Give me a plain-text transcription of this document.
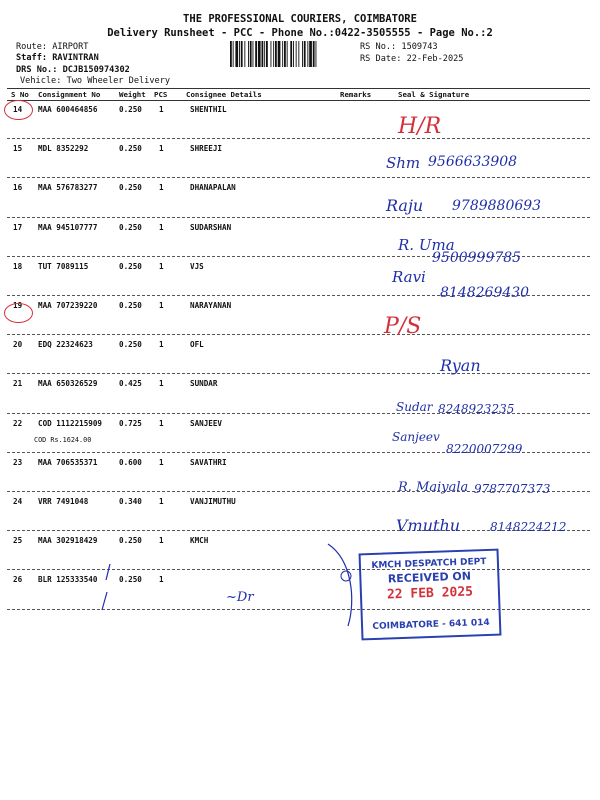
THE PROFESSIONAL COURIERS, COIMBATORE
Delivery Runsheet - PCC - Phone No.:0422-3505555 - Page No.:2
Route: AIRPORT
Staff: RAVINTRAN
DRS No.: DCJB150974302
Vehicle: Two Wheeler Delivery
RS No.: 1509743
RS Date: 22-Feb-2025
S No Consignment No	Weight PCS	Consignee Details	Remarks	Seal & Signature
14 MAA 600464856	0.250 1	SHENTHIL
15 MDL 8352292	0.250 1	SHREEJI
16 MAA 576783277	0.250 1	DHANAPALAN
17 MAA 945107777	0.250 1	SUDARSHAN
18 TUT 7089115	0.250 1	VJS
19 MAA 707239220	0.250 1	NARAYANAN
20 EDQ 22324623	0.250 1	OFL
21 MAA 650326529	0.425 1	SUNDAR
22 COD 1112215909 0.725 1	SANJEEV
COD Rs.1624.00
23 MAA 706535371	0.600 1	SAVATHRI
24 VRR 7491048	0.340 1	VANJIMUTHU
25 MAA 302918429	0.250 1	KMCH
26 BLR 125333540	0.250 1
H/R
Shm 9566633908
Raju 9789880693
R. Uma
9500999785
Ravi
8148269430
P/S
Ryan
Sudar 8248923235
Sanjeev
8220007299
R. Maiyala 9787707373
Vmuthu 8148224212
~Dr
KMCH DESPATCH DEPT
RECEIVED ON
22 FEB 2025
COIMBATORE - 641 014
